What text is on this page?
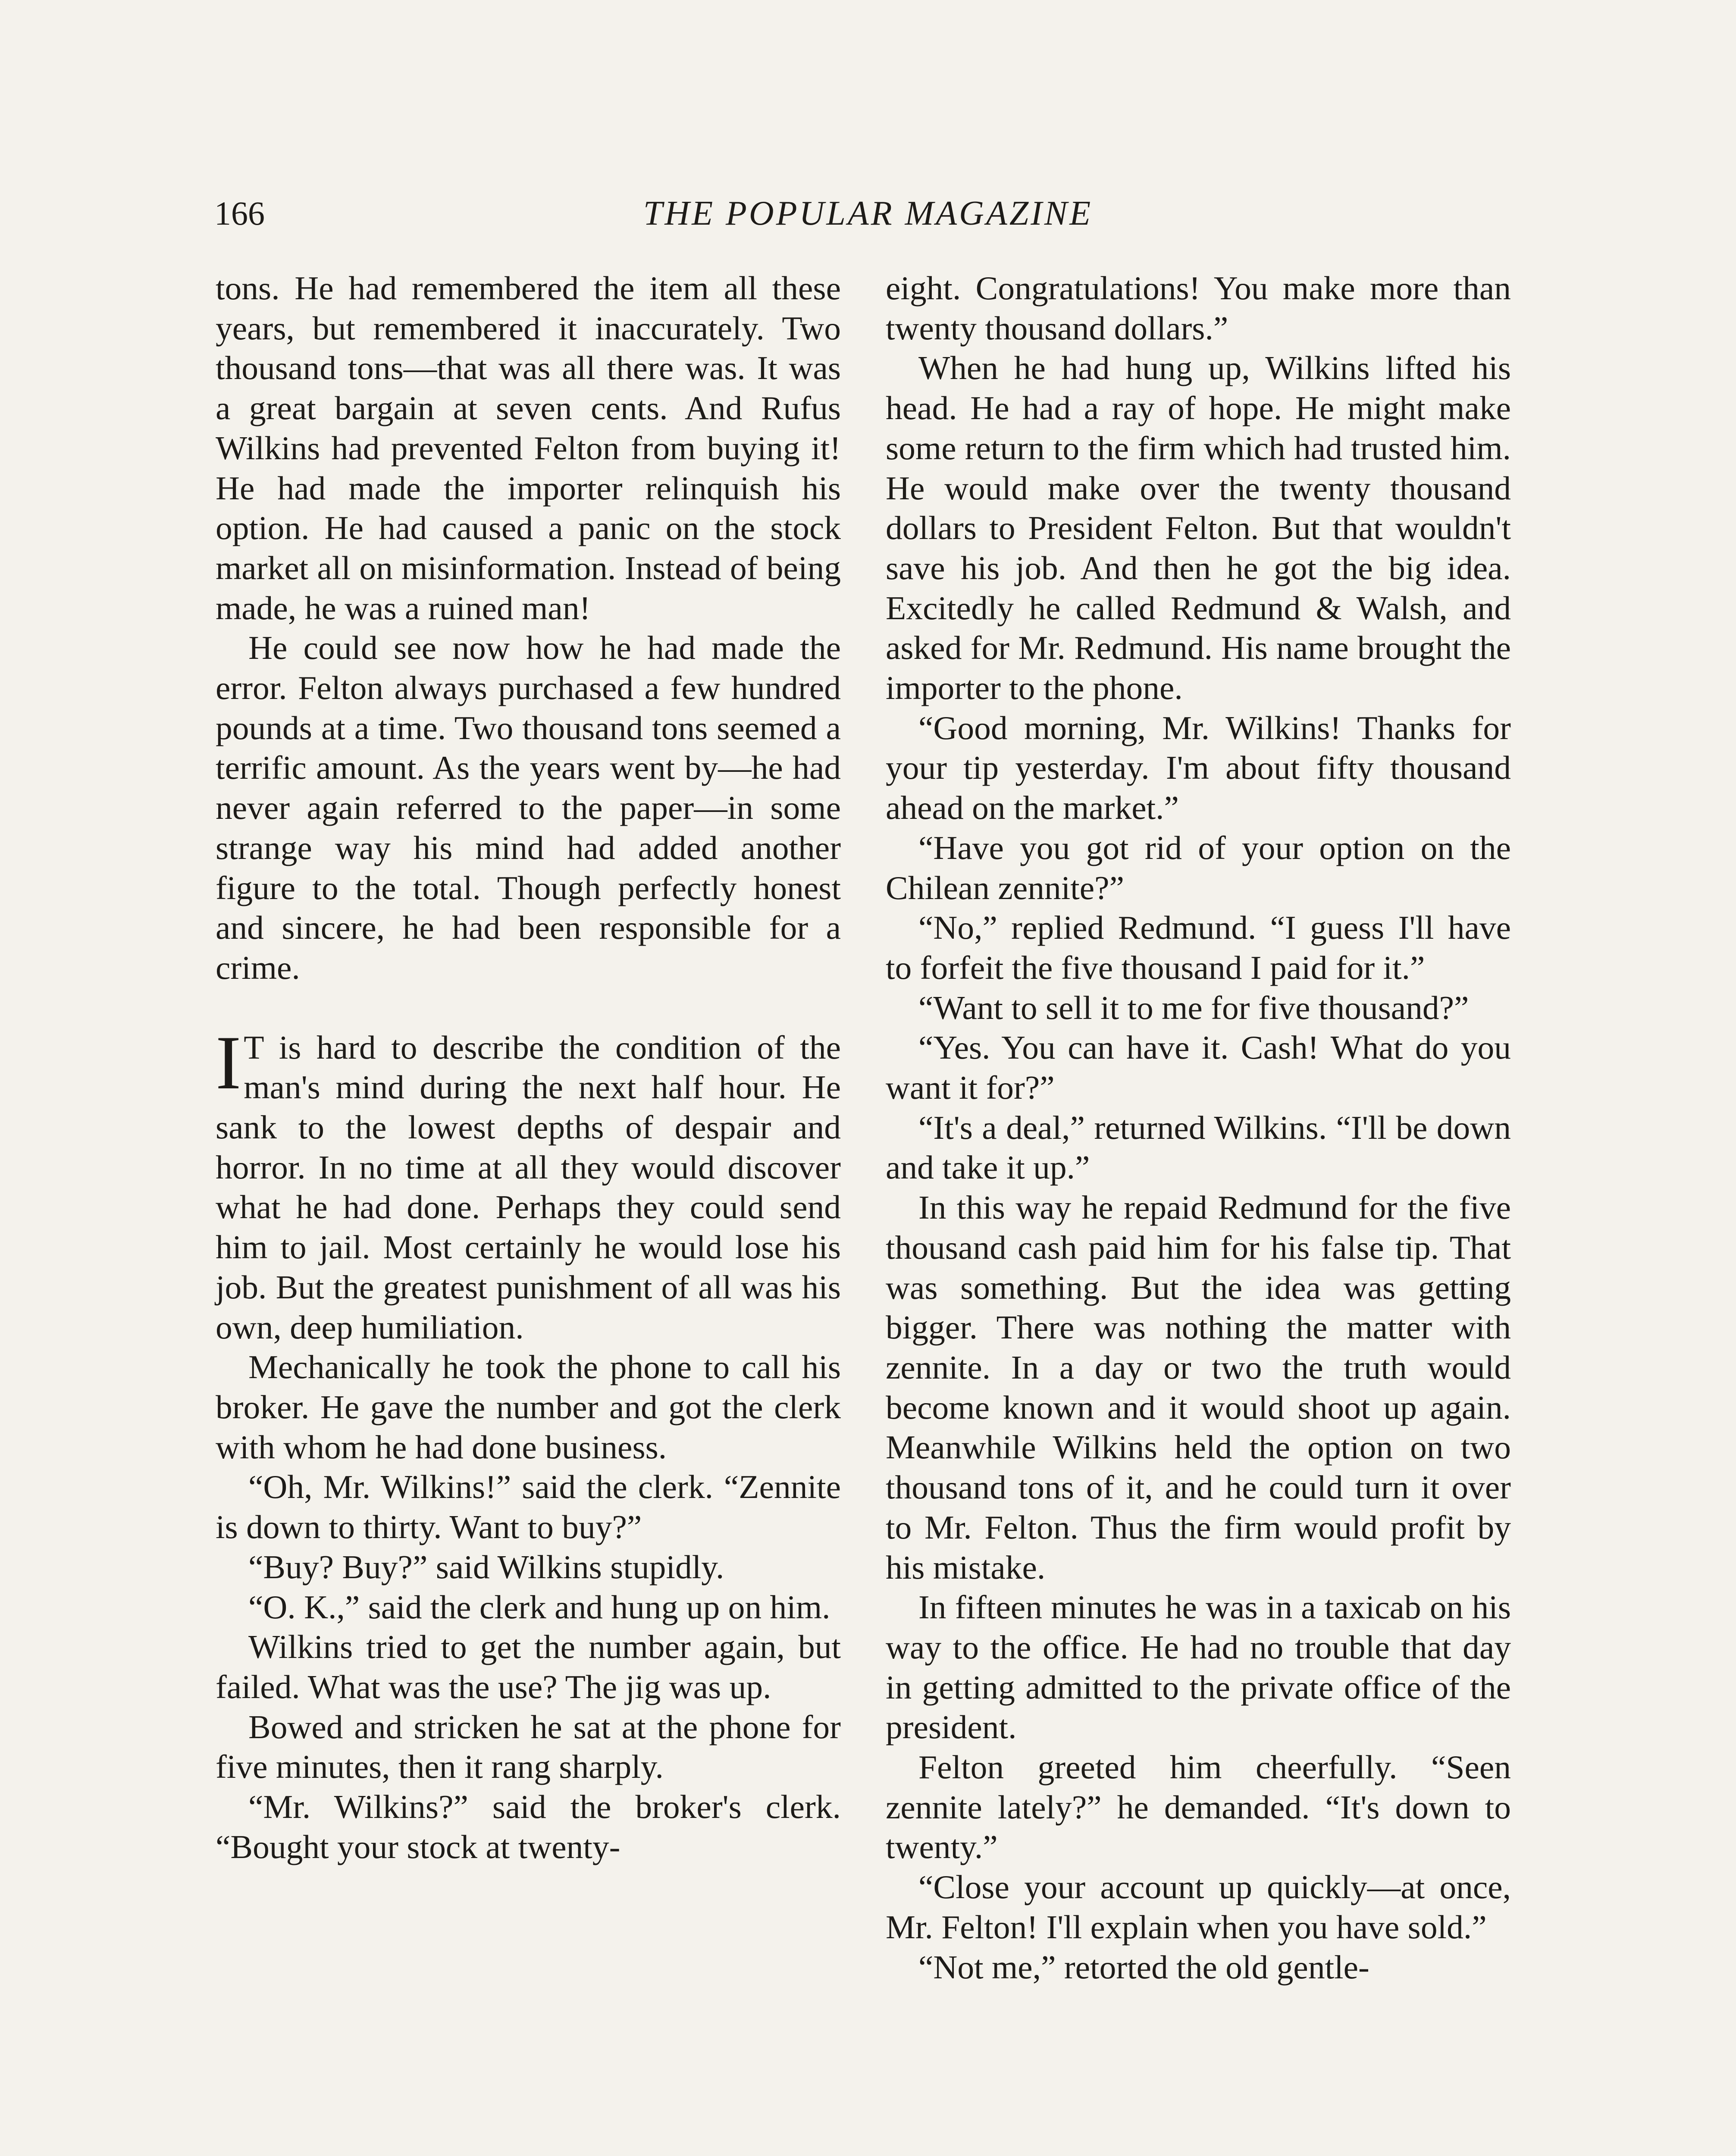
166	THE POPULAR MAGAZINE

tons. He had remembered the item all these years, but remembered it inaccurately. Two thousand tons—that was all there was. It was a great bargain at seven cents. And Rufus Wilkins had prevented Felton from buying it! He had made the importer relinquish his option. He had caused a panic on the stock market all on misinformation. Instead of being made, he was a ruined man!

He could see now how he had made the error. Felton always purchased a few hundred pounds at a time. Two thousand tons seemed a terrific amount. As the years went by—he had never again referred to the paper—in some strange way his mind had added another figure to the total. Though perfectly honest and sincere, he had been responsible for a crime.

I T is hard to describe the condition of the man's mind during the next half hour. He sank to the lowest depths of despair and horror. In no time at all they would discover what he had done. Perhaps they could send him to jail. Most certainly he would lose his job. But the greatest punishment of all was his own, deep humiliation.

Mechanically he took the phone to call his broker. He gave the number and got the clerk with whom he had done business.

“Oh, Mr. Wilkins!” said the clerk. “Zennite is down to thirty. Want to buy?”

“Buy? Buy?” said Wilkins stupidly.

“O. K.,” said the clerk and hung up on him.

Wilkins tried to get the number again, but failed. What was the use? The jig was up.

Bowed and stricken he sat at the phone for five minutes, then it rang sharply.

“Mr. Wilkins?” said the broker's clerk. “Bought your stock at twenty-

eight. Congratulations! You make more than twenty thousand dollars.”

When he had hung up, Wilkins lifted his head. He had a ray of hope. He might make some return to the firm which had trusted him. He would make over the twenty thousand dollars to President Felton. But that wouldn't save his job. And then he got the big idea. Excitedly he called Redmund & Walsh, and asked for Mr. Redmund. His name brought the importer to the phone.

“Good morning, Mr. Wilkins! Thanks for your tip yesterday. I'm about fifty thousand ahead on the market.”

“Have you got rid of your option on the Chilean zennite?”

“No,” replied Redmund. “I guess I'll have to forfeit the five thousand I paid for it.”

“Want to sell it to me for five thousand?”

“Yes. You can have it. Cash! What do you want it for?”

“It's a deal,” returned Wilkins. “I'll be down and take it up.”

In this way he repaid Redmund for the five thousand cash paid him for his false tip. That was something. But the idea was getting bigger. There was nothing the matter with zennite. In a day or two the truth would become known and it would shoot up again. Meanwhile Wilkins held the option on two thousand tons of it, and he could turn it over to Mr. Felton. Thus the firm would profit by his mistake.

In fifteen minutes he was in a taxicab on his way to the office. He had no trouble that day in getting admitted to the private office of the president.

Felton greeted him cheerfully. “Seen zennite lately?” he demanded. “It's down to twenty.”

“Close your account up quickly—at once, Mr. Felton! I'll explain when you have sold.”

“Not me,” retorted the old gentle-
